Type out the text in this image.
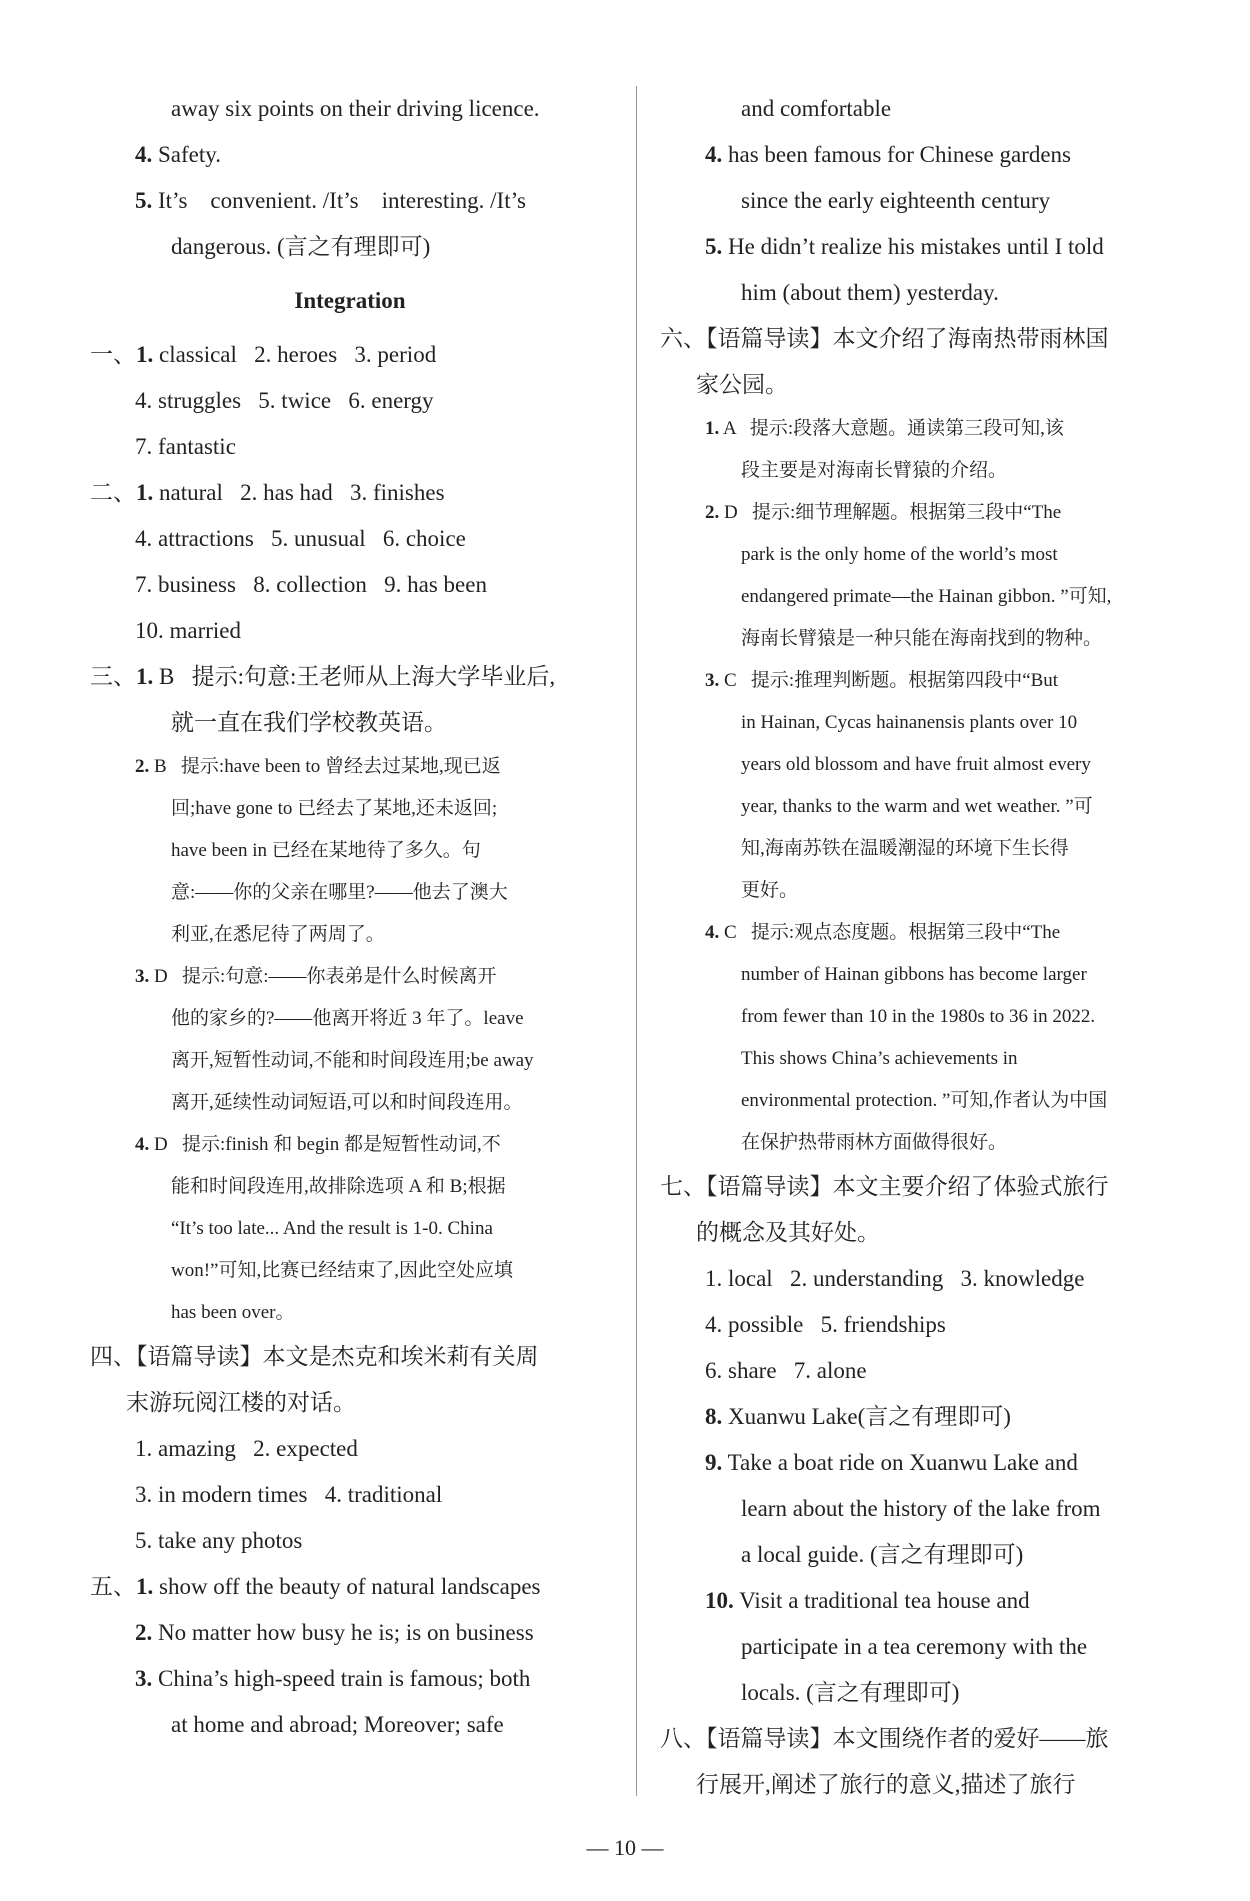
away six points on their driving licence.
4. Safety.
5. It’s    convenient. /It’s    interesting. /It’s
dangerous. (言之有理即可)
Integration
一、1. classical   2. heroes   3. period
4. struggles   5. twice   6. energy
7. fantastic
二、1. natural   2. has had   3. finishes
4. attractions   5. unusual   6. choice
7. business   8. collection   9. has been
10. married
三、1. B   提示:句意:王老师从上海大学毕业后,
就一直在我们学校教英语。
2. B   提示:have been to 曾经去过某地,现已返
回;have gone to 已经去了某地,还未返回;
have been in 已经在某地待了多久。句
意:——你的父亲在哪里?——他去了澳大
利亚,在悉尼待了两周了。
3. D   提示:句意:——你表弟是什么时候离开
他的家乡的?——他离开将近 3 年了。leave
离开,短暂性动词,不能和时间段连用;be away
离开,延续性动词短语,可以和时间段连用。
4. D   提示:finish 和 begin 都是短暂性动词,不
能和时间段连用,故排除选项 A 和 B;根据
“It’s too late... And the result is 1-0. China
won!”可知,比赛已经结束了,因此空处应填
has been over。
四、【语篇导读】本文是杰克和埃米莉有关周
末游玩阅江楼的对话。
1. amazing   2. expected
3. in modern times   4. traditional
5. take any photos
五、1. show off the beauty of natural landscapes
2. No matter how busy he is; is on business
3. China’s high-speed train is famous; both
at home and abroad; Moreover; safe
and comfortable
4. has been famous for Chinese gardens
since the early eighteenth century
5. He didn’t realize his mistakes until I told
him (about them) yesterday.
六、【语篇导读】本文介绍了海南热带雨林国
家公园。
1. A   提示:段落大意题。通读第三段可知,该
段主要是对海南长臂猿的介绍。
2. D   提示:细节理解题。根据第三段中“The
park is the only home of the world’s most
endangered primate—the Hainan gibbon. ”可知,
海南长臂猿是一种只能在海南找到的物种。
3. C   提示:推理判断题。根据第四段中“But
in Hainan, Cycas hainanensis plants over 10
years old blossom and have fruit almost every
year, thanks to the warm and wet weather. ”可
知,海南苏铁在温暖潮湿的环境下生长得
更好。
4. C   提示:观点态度题。根据第三段中“The
number of Hainan gibbons has become larger
from fewer than 10 in the 1980s to 36 in 2022.
This shows China’s achievements in
environmental protection. ”可知,作者认为中国
在保护热带雨林方面做得很好。
七、【语篇导读】本文主要介绍了体验式旅行
的概念及其好处。
1. local   2. understanding   3. knowledge
4. possible   5. friendships
6. share   7. alone
8. Xuanwu Lake(言之有理即可)
9. Take a boat ride on Xuanwu Lake and
learn about the history of the lake from
a local guide. (言之有理即可)
10. Visit a traditional tea house and
participate in a tea ceremony with the
locals. (言之有理即可)
八、【语篇导读】本文围绕作者的爱好——旅
行展开,阐述了旅行的意义,描述了旅行
— 10 —
